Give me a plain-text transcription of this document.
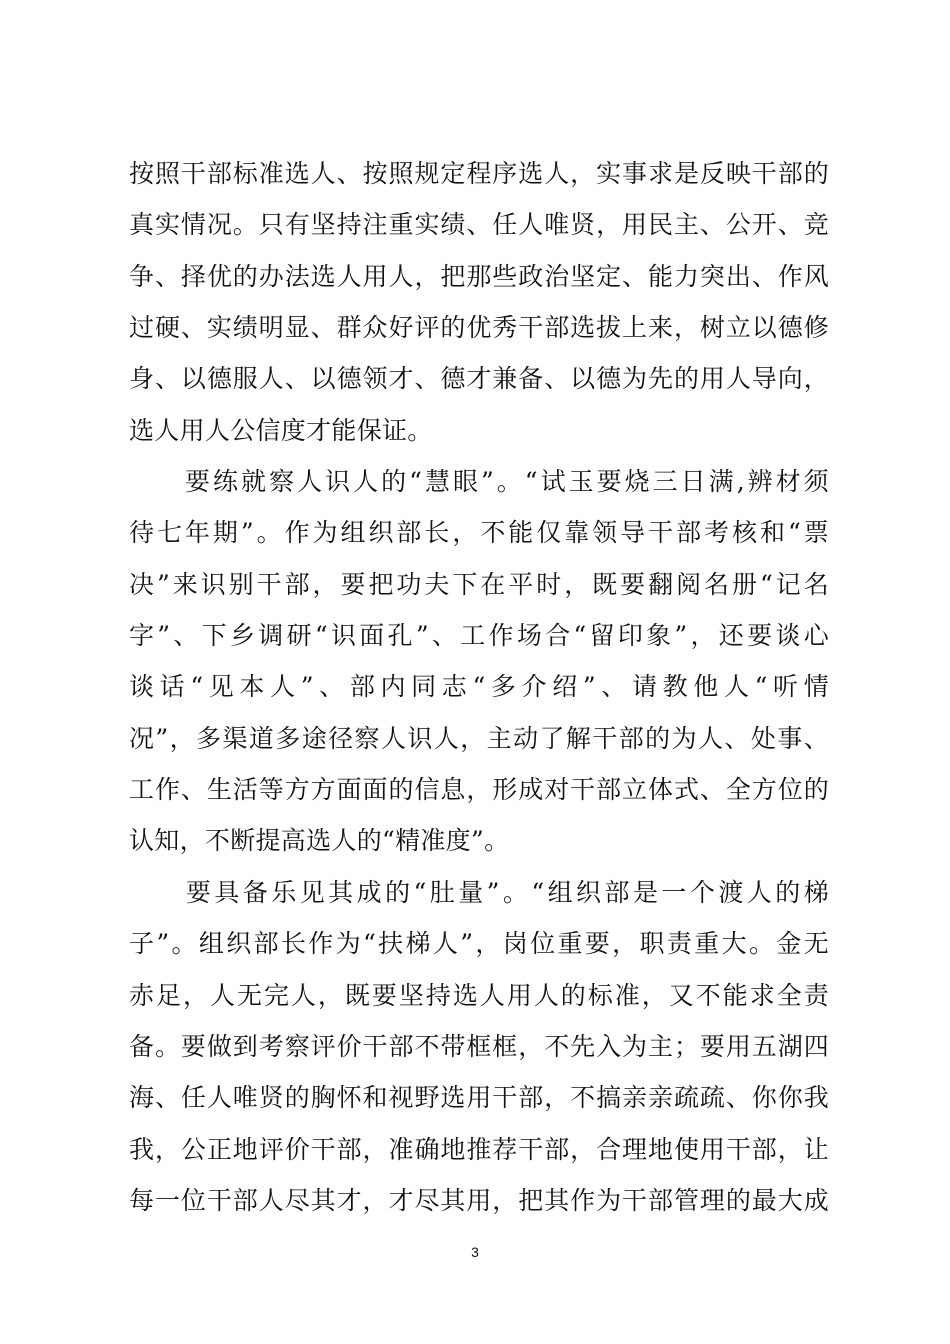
按照干部标准选人、按照规定程序选人，实事求是反映干部的
真实情况。只有坚持注重实绩、任人唯贤，用民主、公开、竞
争、择优的办法选人用人，把那些政治坚定、能力突出、作风
过硬、实绩明显、群众好评的优秀干部选拔上来，树立以德修
身、以德服人、以德领才、德才兼备、以德为先的用人导向，
选人用人公信度才能保证。
　　要练就察人识人的“慧眼”。“试玉要烧三日满,辨材须
待七年期”。作为组织部长，不能仅靠领导干部考核和“票
决”来识别干部，要把功夫下在平时，既要翻阅名册“记名
字”、下乡调研“识面孔”、工作场合“留印象”，还要谈心
谈话“见本人”、部内同志“多介绍”、请教他人“听情
况”，多渠道多途径察人识人，主动了解干部的为人、处事、
工作、生活等方方面面的信息，形成对干部立体式、全方位的
认知，不断提高选人的“精准度”。
　　要具备乐见其成的“肚量”。“组织部是一个渡人的梯
子”。组织部长作为“扶梯人”，岗位重要，职责重大。金无
赤足，人无完人，既要坚持选人用人的标准，又不能求全责
备。要做到考察评价干部不带框框，不先入为主；要用五湖四
海、任人唯贤的胸怀和视野选用干部，不搞亲亲疏疏、你你我
我，公正地评价干部，准确地推荐干部，合理地使用干部，让
每一位干部人尽其才，才尽其用，把其作为干部管理的最大成
3
